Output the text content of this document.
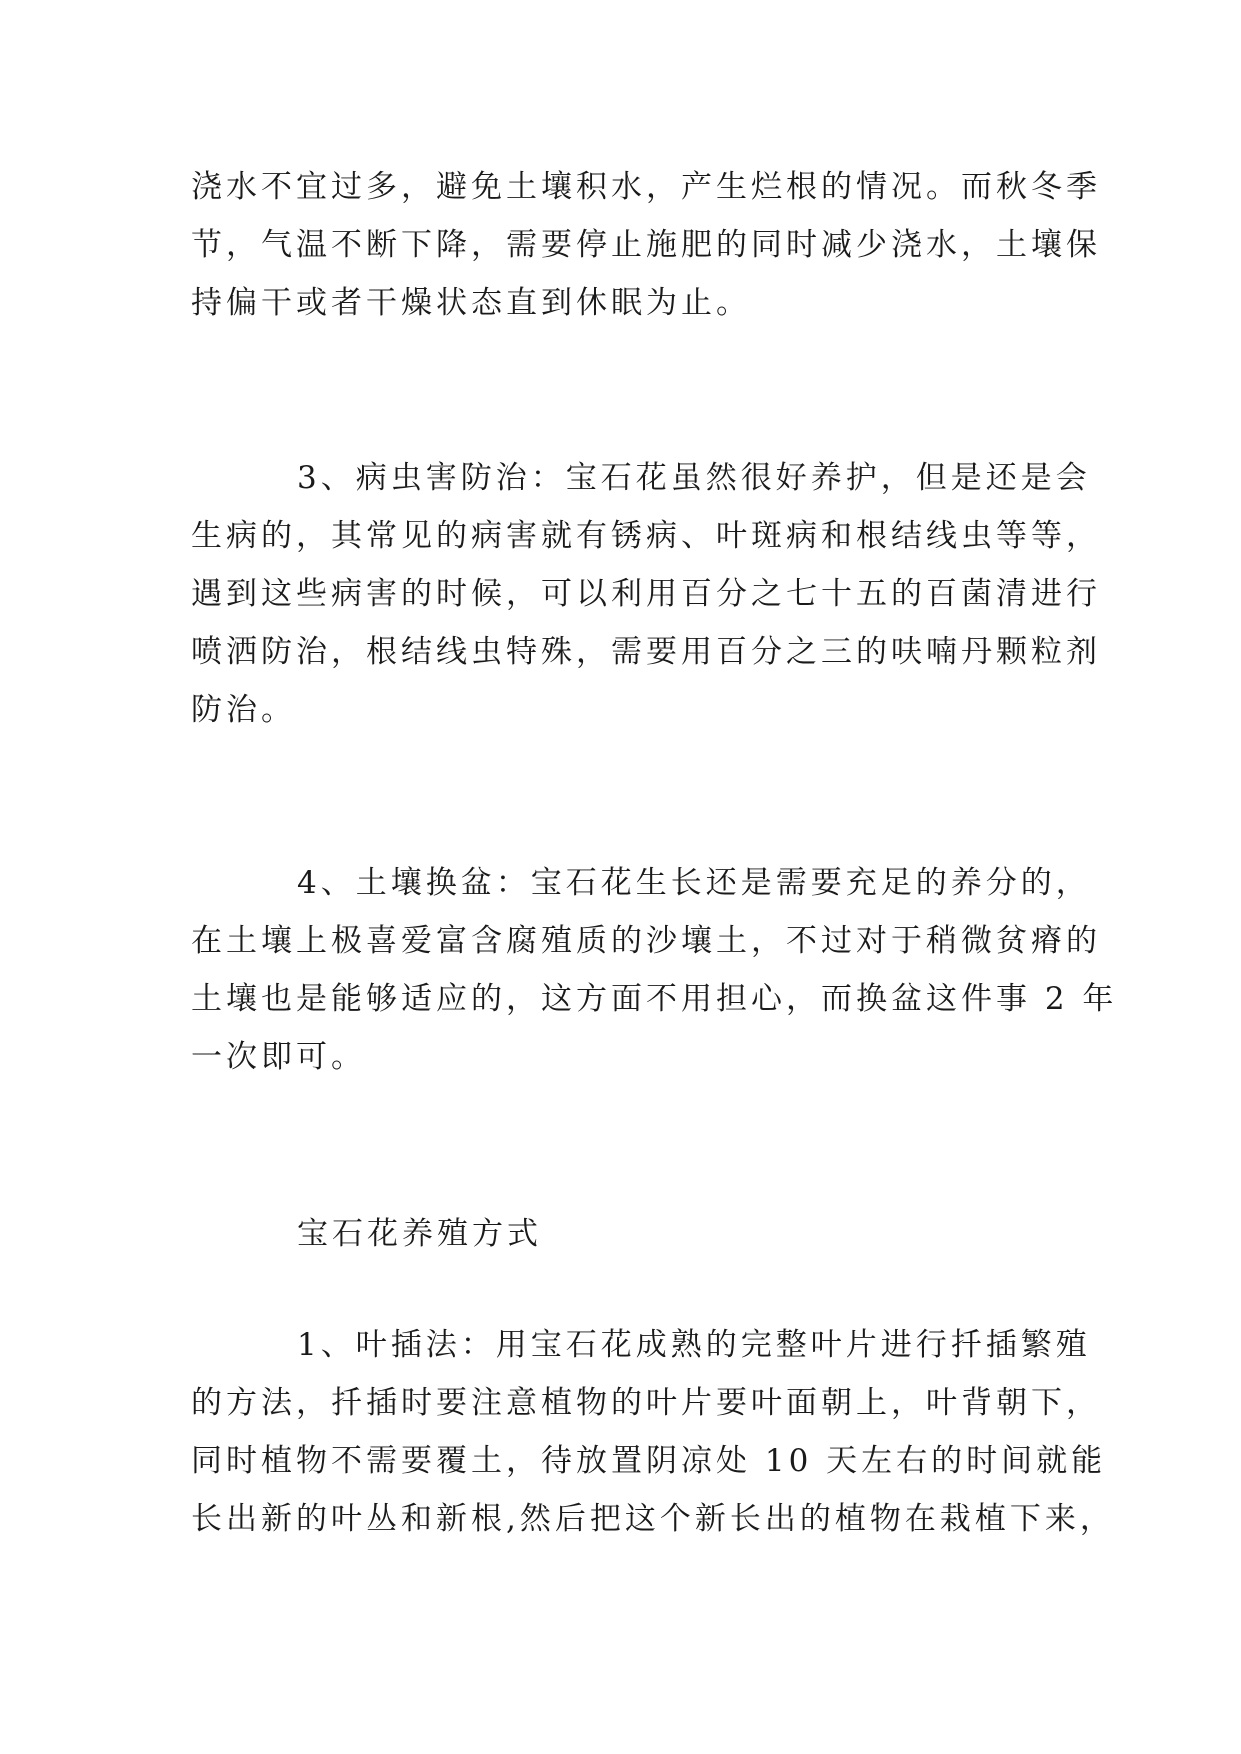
浇水不宜过多，避免土壤积水，产生烂根的情况。而秋冬季
节，气温不断下降，需要停止施肥的同时减少浇水，土壤保
持偏干或者干燥状态直到休眠为止。
3、病虫害防治：宝石花虽然很好养护，但是还是会
生病的，其常见的病害就有锈病、叶斑病和根结线虫等等，
遇到这些病害的时候，可以利用百分之七十五的百菌清进行
喷洒防治，根结线虫特殊，需要用百分之三的呋喃丹颗粒剂
防治。
4、土壤换盆：宝石花生长还是需要充足的养分的，
在土壤上极喜爱富含腐殖质的沙壤土，不过对于稍微贫瘠的
土壤也是能够适应的，这方面不用担心，而换盆这件事 2 年
一次即可。
宝石花养殖方式
1、叶插法：用宝石花成熟的完整叶片进行扦插繁殖
的方法，扦插时要注意植物的叶片要叶面朝上，叶背朝下，
同时植物不需要覆土，待放置阴凉处 10 天左右的时间就能
长出新的叶丛和新根,然后把这个新长出的植物在栽植下来，
